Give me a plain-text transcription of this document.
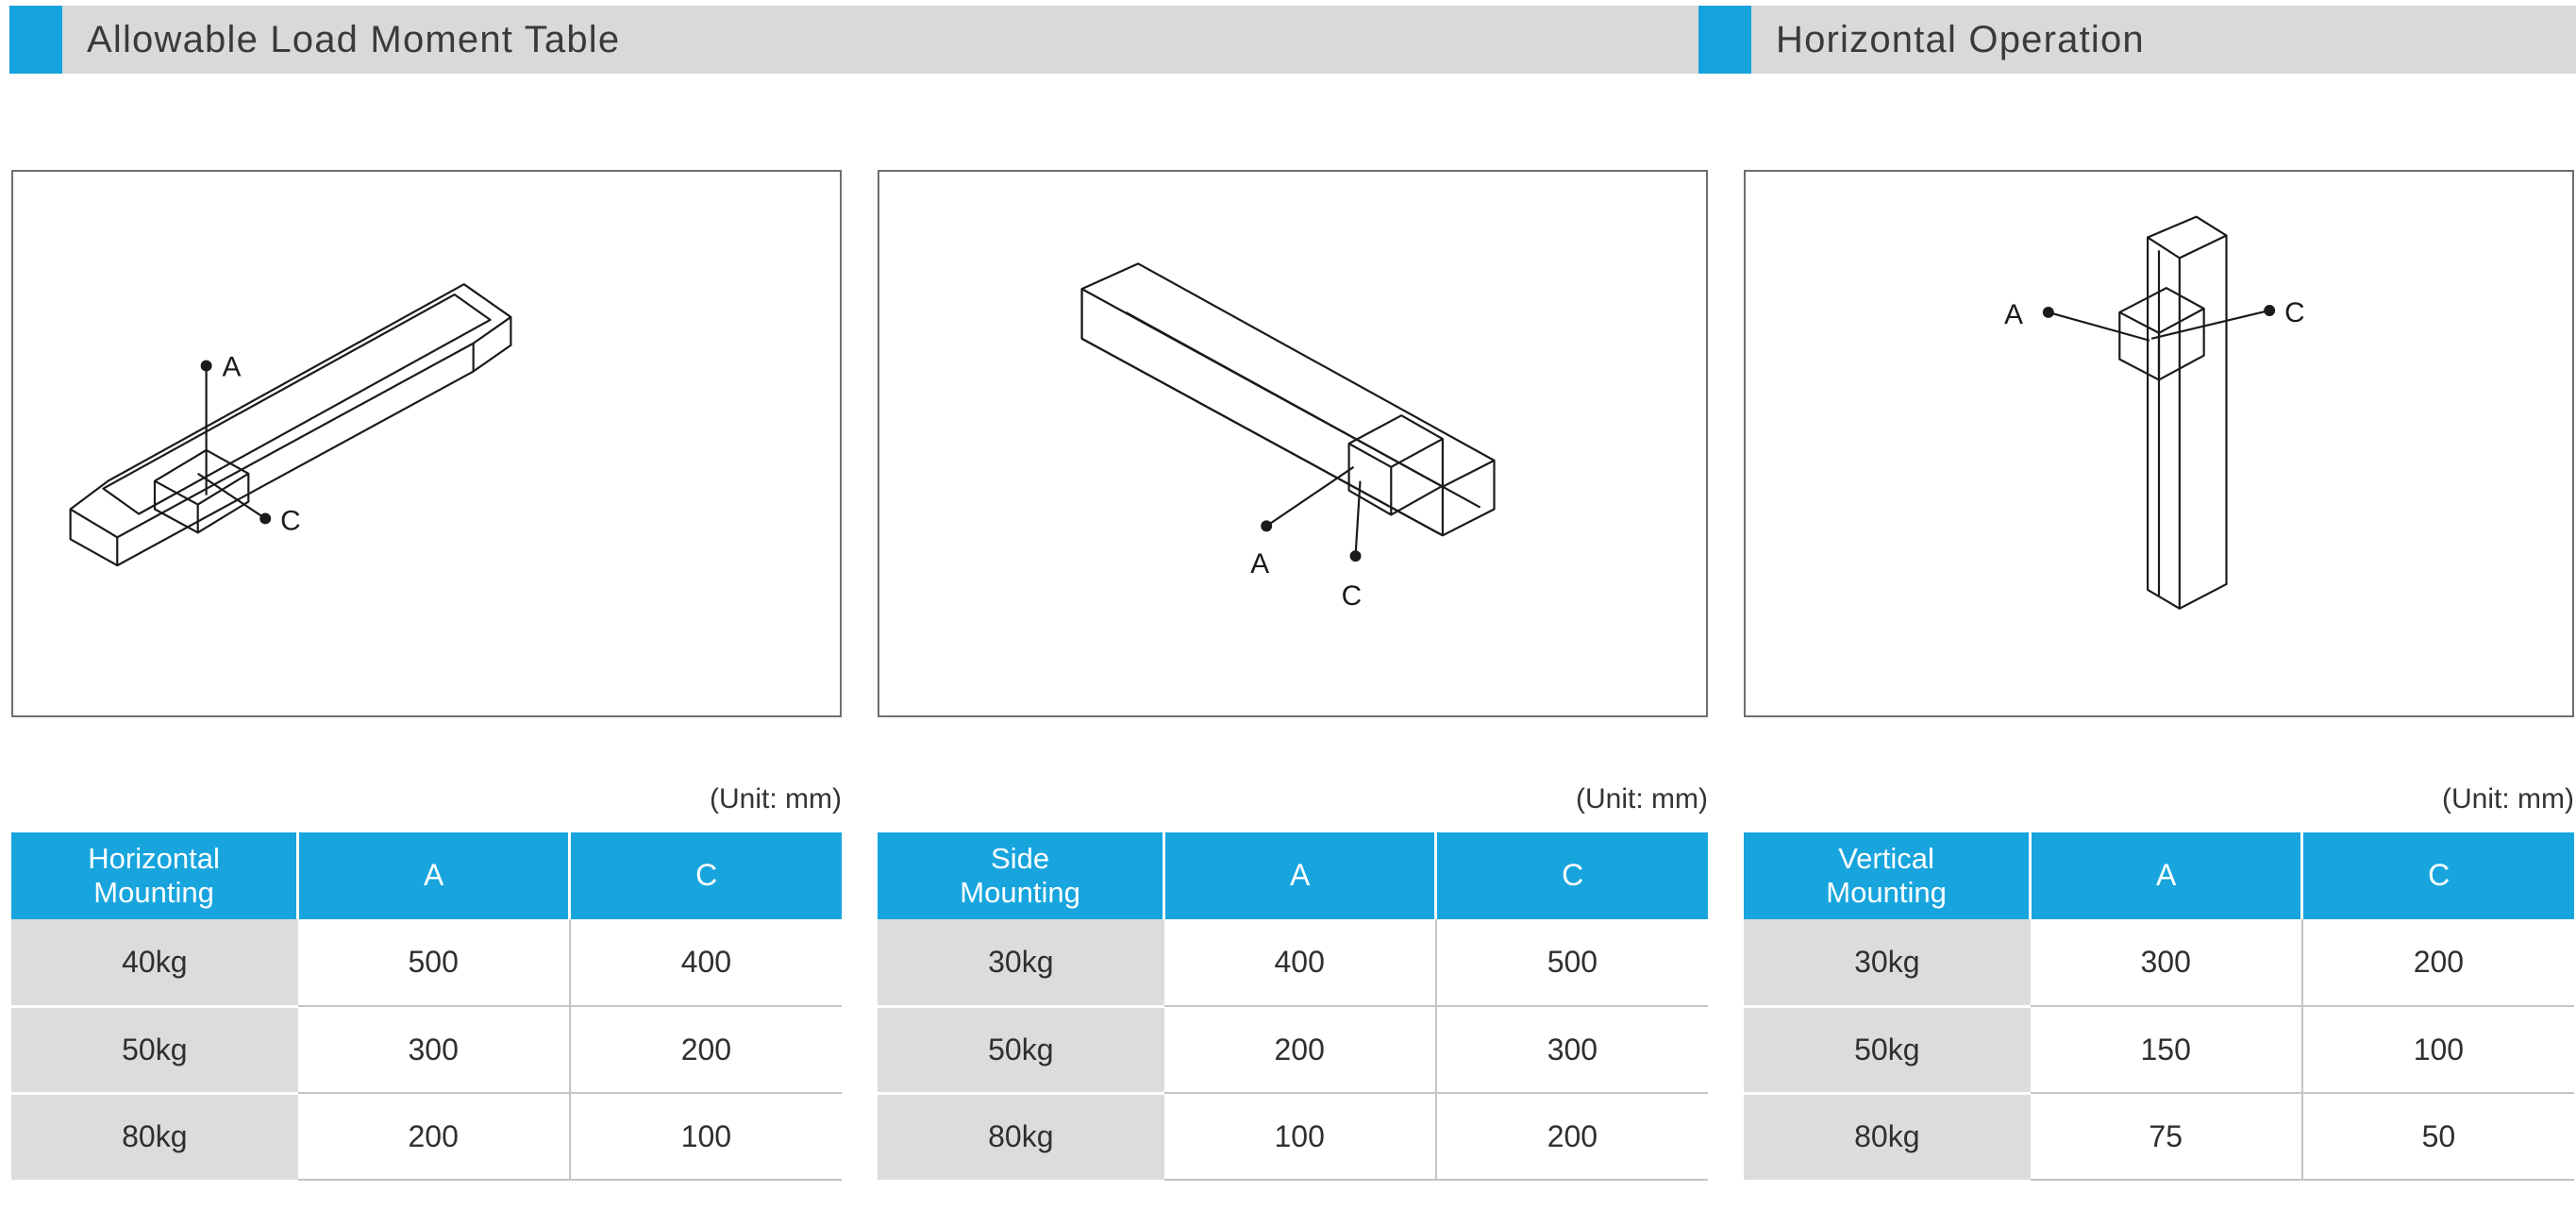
Allowable Load Moment Table	Horizontal Operation
A
C
A
C
A	C
(Unit: mm)	(Unit: mm)	(Unit: mm)
Horizontal
Mounting	A	C
40kg	500	400
50kg	300	200
80kg	200	100
Side
Mounting	A	C
30kg	400	500
50kg	200	300
80kg	100	200
Vertical
Mounting	A	C
30kg	300	200
50kg	150	100
80kg	75	50
